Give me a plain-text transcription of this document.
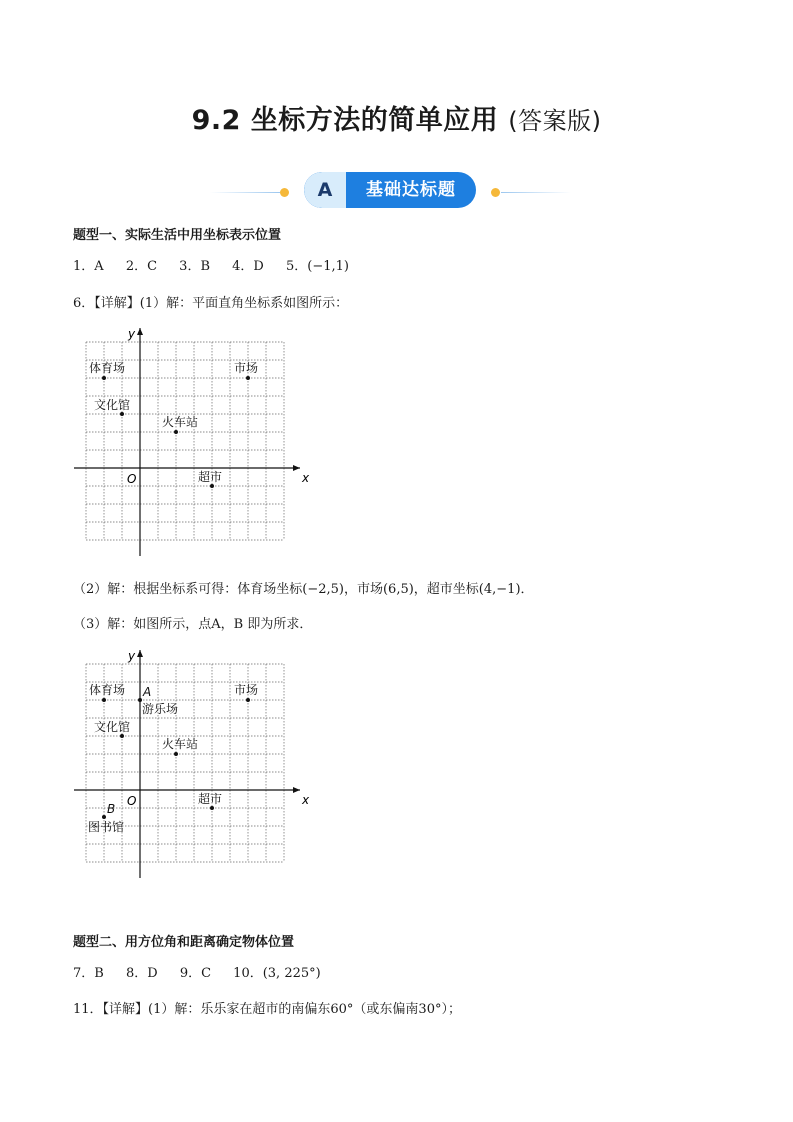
9.2 坐标方法的简单应用 (答案版)
A	基础达标题
题型一、实际生活中用坐标表示位置
1．A 2．C 3．B 4．D 5．(−1,1)
6．【详解】(1）解：平面直角坐标系如图所示：
x
y
O
体育场	市场
文化馆
火车站
超市
（2）解：根据坐标系可得：体育场坐标(−2,5)，市场(6,5)，超市坐标(4,−1)．
（3）解：如图所示，点A，B 即为所求．
x
y
O
体育场	市场
文化馆
火车站
超市
A
游乐场
B
图书馆
题型二、用方位角和距离确定物体位置
7．B 8．D 9．C 10．(3, 225°)
11．【详解】(1）解：乐乐家在超市的南偏东60°（或东偏南30°）；
